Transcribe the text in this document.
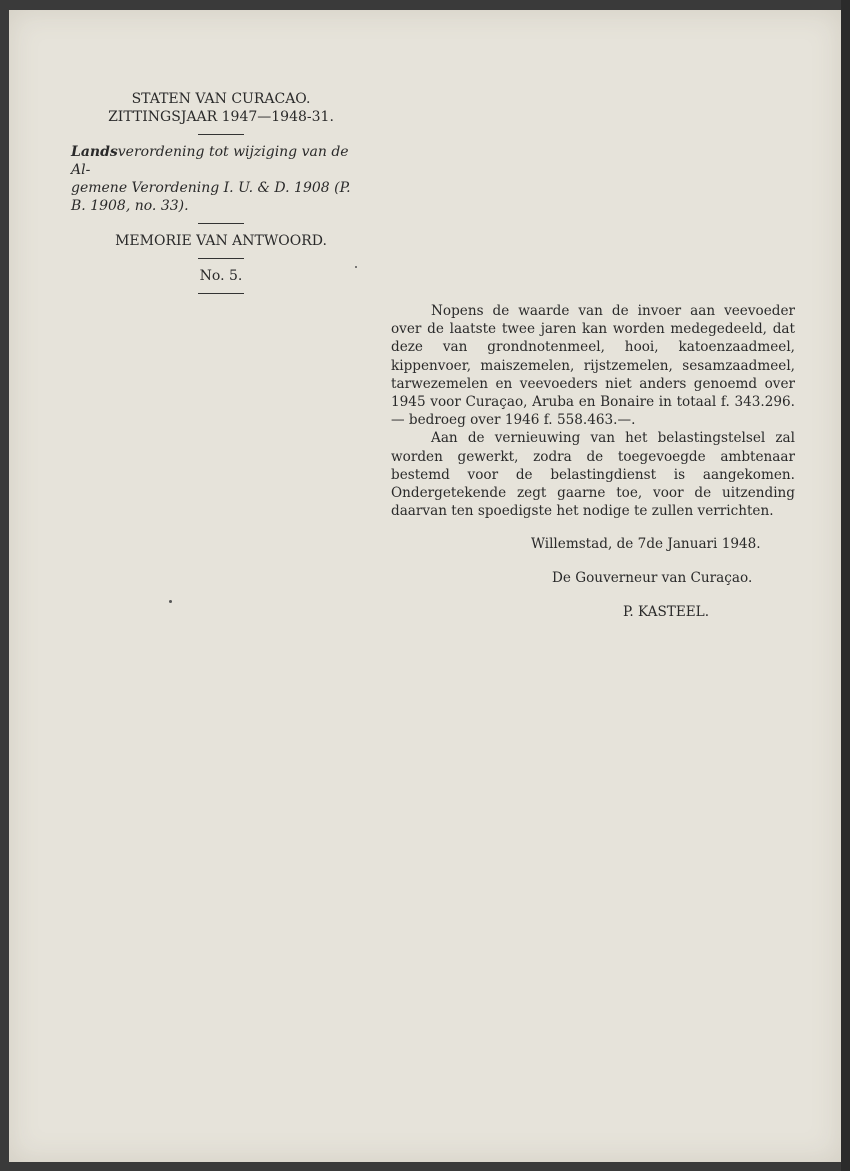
STATEN VAN CURACAO.
ZITTINGSJAAR 1947—1948-31.
Landsverordening tot wijziging van de Al-
gemene Verordening I. U. & D. 1908 (P.
B. 1908, no. 33).
MEMORIE VAN ANTWOORD.
No. 5.

Nopens de waarde van de invoer aan veevoeder over de laatste twee jaren kan worden medegedeeld, dat deze van grondnotenmeel, hooi, katoenzaadmeel, kippenvoer, maiszemelen, rijstzemelen, sesamzaadmeel, tarwezemelen en veevoeders niet anders genoemd over 1945 voor Curaçao, Aruba en Bonaire in totaal f. 343.296.— bedroeg over 1946 f. 558.463.—.

Aan de vernieuwing van het belastingstelsel zal worden gewerkt, zodra de toegevoegde ambtenaar bestemd voor de belastingdienst is aangekomen. Ondergetekende zegt gaarne toe, voor de uitzending daarvan ten spoedigste het nodige te zullen verrichten.

Willemstad, de 7de Januari 1948.
De Gouverneur van Curaçao.
P. KASTEEL.
